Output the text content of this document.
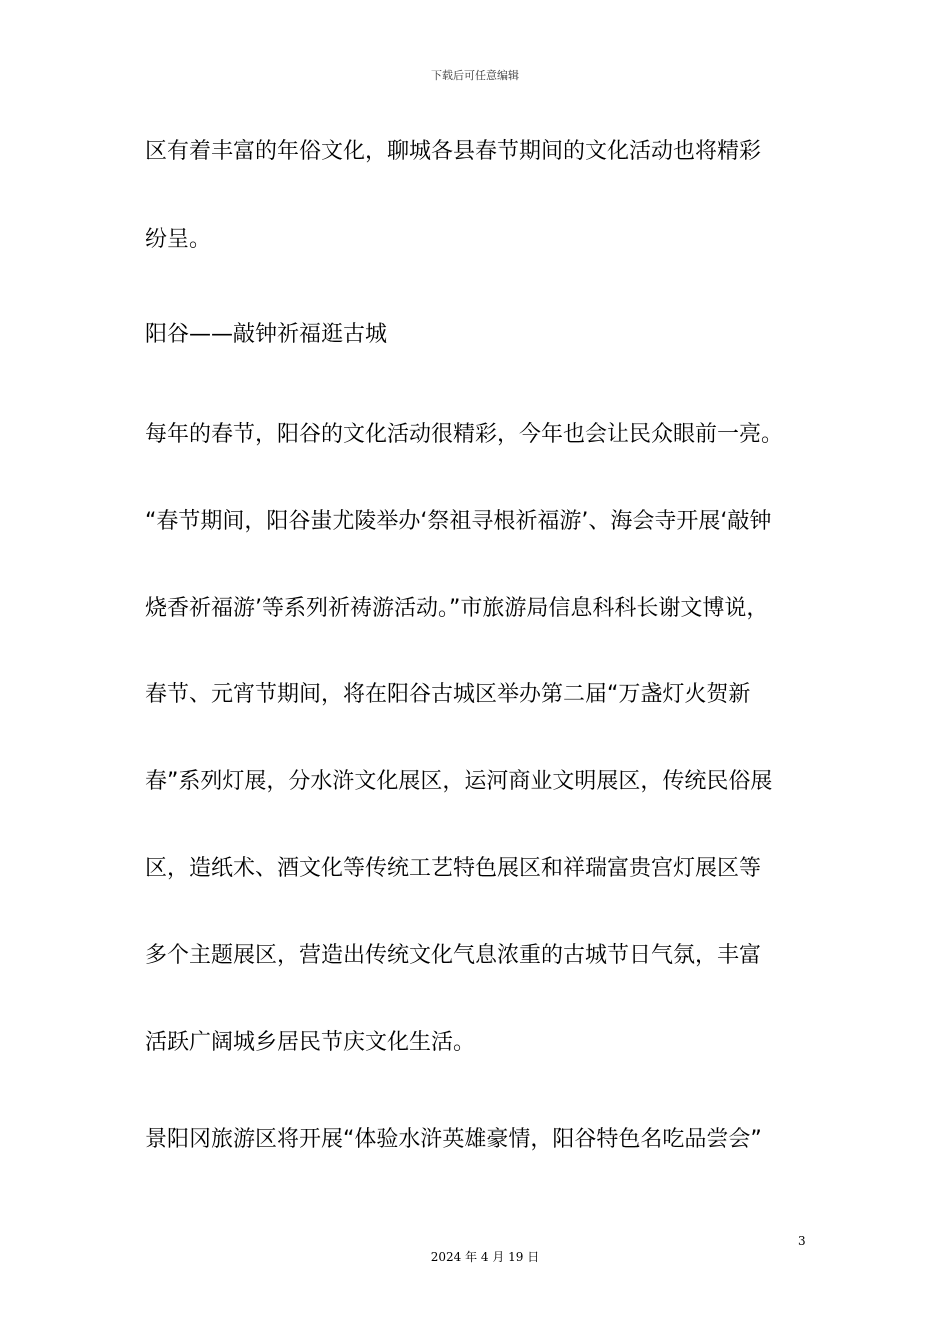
下载后可任意编辑
区有着丰富的年俗文化，聊城各县春节期间的文化活动也将精彩
纷呈。
阳谷——敲钟祈福逛古城
每年的春节，阳谷的文化活动很精彩，今年也会让民众眼前一亮。
“春节期间，阳谷蚩尤陵举办‘祭祖寻根祈福游’、海会寺开展‘敲钟
烧香祈福游’等系列祈祷游活动。”市旅游局信息科科长谢文博说，
春节、元宵节期间，将在阳谷古城区举办第二届“万盏灯火贺新
春”系列灯展，分水浒文化展区，运河商业文明展区，传统民俗展
区，造纸术、酒文化等传统工艺特色展区和祥瑞富贵宫灯展区等
多个主题展区，营造出传统文化气息浓重的古城节日气氛，丰富
活跃广阔城乡居民节庆文化生活。
景阳冈旅游区将开展“体验水浒英雄豪情，阳谷特色名吃品尝会”
3
2024 年 4 月 19 日
